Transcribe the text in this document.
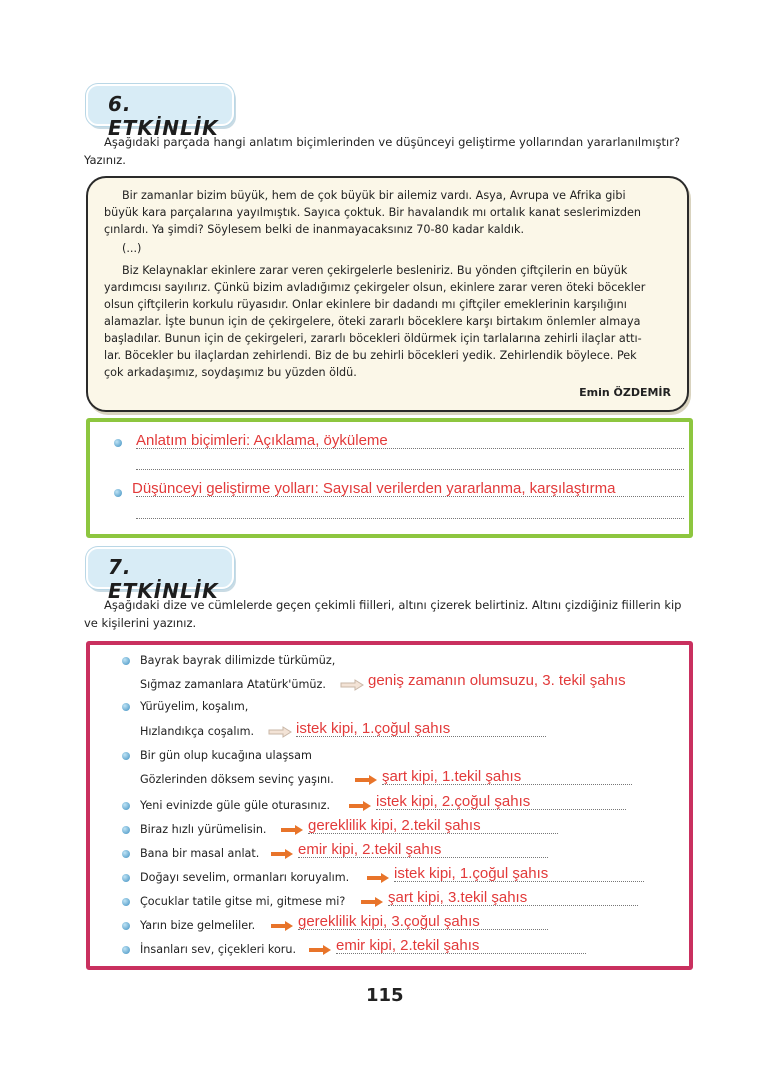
6. ETKİNLİK
Aşağıdaki parçada hangi anlatım biçimlerinden ve düşünceyi geliştirme yollarından yararlanılmıştır?
Yazınız.

Bir zamanlar bizim büyük, hem de çok büyük bir ailemiz vardı. Asya, Avrupa ve Afrika gibi

büyük kara parçalarına yayılmıştık. Sayıca çoktuk. Bir havalandık mı ortalık kanat seslerimizden

çınlardı. Ya şimdi? Söylesem belki de inanmayacaksınız 70-80 kadar kaldık.

(...)

Biz Kelaynaklar ekinlere zarar veren çekirgelerle besleniriz. Bu yönden çiftçilerin en büyük

yardımcısı sayılırız. Çünkü bizim avladığımız çekirgeler olsun, ekinlere zarar veren öteki böcekler

olsun çiftçilerin korkulu rüyasıdır. Onlar ekinlere bir dadandı mı çiftçiler emeklerinin karşılığını

alamazlar. İşte bunun için de çekirgelere, öteki zararlı böceklere karşı birtakım önlemler almaya

başladılar. Bunun için de çekirgeleri, zararlı böcekleri öldürmek için tarlalarına zehirli ilaçlar attı-

lar. Böcekler bu ilaçlardan zehirlendi. Biz de bu zehirli böcekleri yedik. Zehirlendik böylece. Pek

çok arkadaşımız, soydaşımız bu yüzden öldü.

Emin ÖZDEMİR
Anlatım biçimleri: Açıklama, öyküleme
Düşünceyi geliştirme yolları: Sayısal verilerden yararlanma, karşılaştırma
7. ETKİNLİK
Aşağıdaki dize ve cümlelerde geçen çekimli fiilleri, altını çizerek belirtiniz. Altını çizdiğiniz fiillerin kip
ve kişilerini yazınız.
Bayrak bayrak dilimizde türkümüz,
Sığmaz zamanlara Atatürk'ümüz.	geniş zamanın olumsuzu, 3. tekil şahıs
Yürüyelim, koşalım,
Hızlandıkça coşalım.	istek kipi, 1.çoğul şahıs
Bir gün olup kucağına ulaşsam
Gözlerinden döksem sevinç yaşını.	şart kipi, 1.tekil şahıs
Yeni evinizde güle güle oturasınız.	istek kipi, 2.çoğul şahıs
Biraz hızlı yürümelisin.	gereklilik kipi, 2.tekil şahıs
Bana bir masal anlat.	emir kipi, 2.tekil şahıs
Doğayı sevelim, ormanları koruyalım.	istek kipi, 1.çoğul şahıs
Çocuklar tatile gitse mi, gitmese mi?	şart kipi, 3.tekil şahıs
Yarın bize gelmeliler.	gereklilik kipi, 3.çoğul şahıs
İnsanları sev, çiçekleri koru.	emir kipi, 2.tekil şahıs
115
